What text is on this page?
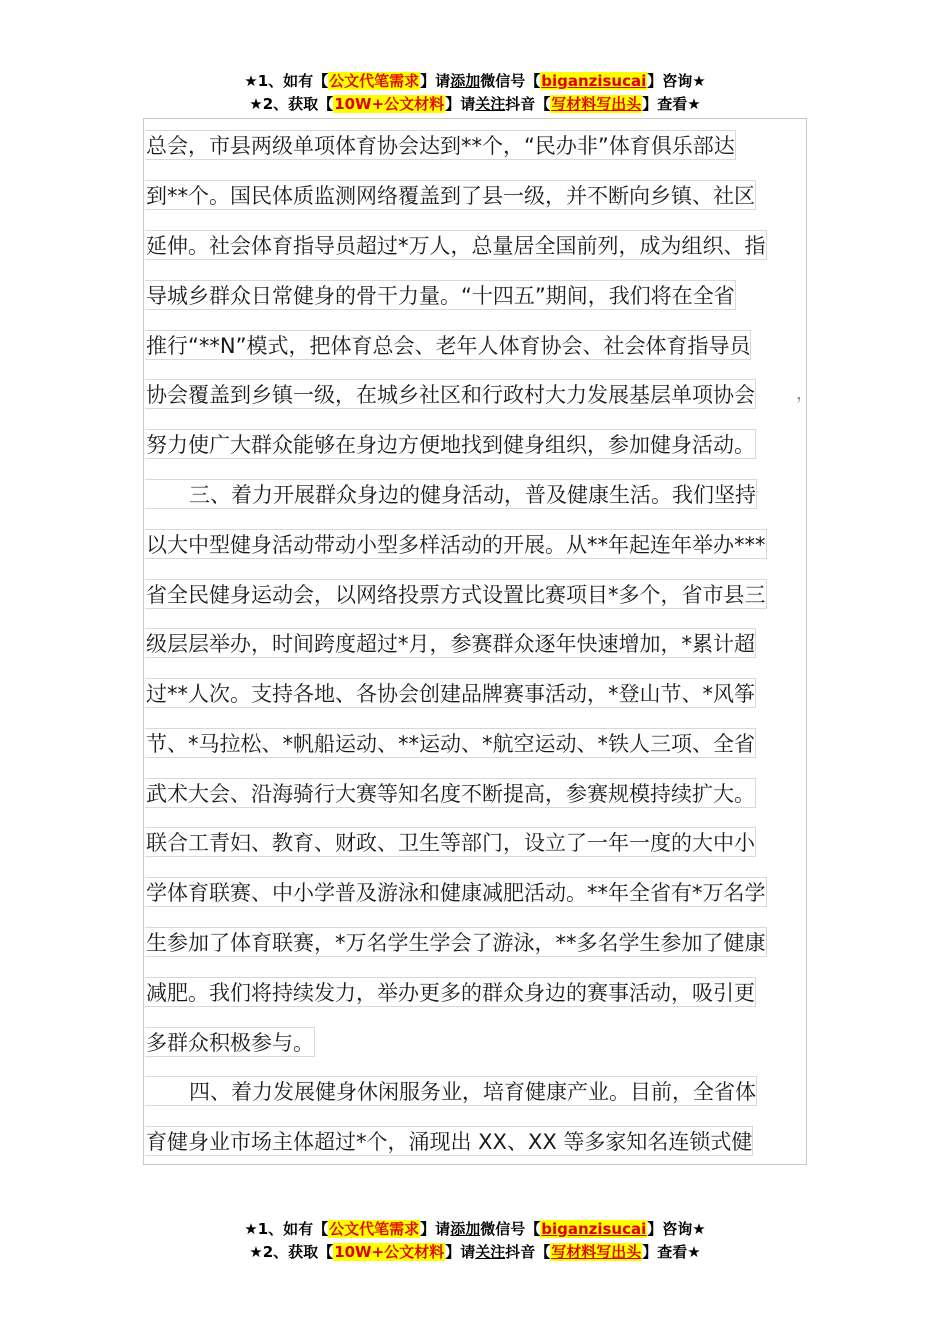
★1、如有【公文代笔需求】请添加微信号【biganzisucai】咨询★
★2、获取【10W+公文材料】请关注抖音【写材料写出头】查看★
总会，市县两级单项体育协会达到**个，“民办非”体育俱乐部达
到**个。国民体质监测网络覆盖到了县一级，并不断向乡镇、社区
延伸。社会体育指导员超过*万人，总量居全国前列，成为组织、指
导城乡群众日常健身的骨干力量。“十四五”期间，我们将在全省
推行“**N”模式，把体育总会、老年人体育协会、社会体育指导员
协会覆盖到乡镇一级，在城乡社区和行政村大力发展基层单项协会
努力使广大群众能够在身边方便地找到健身组织，参加健身活动。
三、着力开展群众身边的健身活动，普及健康生活。我们坚持
以大中型健身活动带动小型多样活动的开展。从**年起连年举办***
省全民健身运动会，以网络投票方式设置比赛项目*多个，省市县三
级层层举办，时间跨度超过*月，参赛群众逐年快速增加，*累计超
过**人次。支持各地、各协会创建品牌赛事活动，*登山节、*风筝
节、*马拉松、*帆船运动、**运动、*航空运动、*铁人三项、全省
武术大会、沿海骑行大赛等知名度不断提高，参赛规模持续扩大。
联合工青妇、教育、财政、卫生等部门，设立了一年一度的大中小
学体育联赛、中小学普及游泳和健康减肥活动。**年全省有*万名学
生参加了体育联赛，*万名学生学会了游泳，**多名学生参加了健康
减肥。我们将持续发力，举办更多的群众身边的赛事活动，吸引更
多群众积极参与。
四、着力发展健身休闲服务业，培育健康产业。目前，全省体
育健身业市场主体超过*个，涌现出 XX、XX 等多家知名连锁式健
，
★1、如有【公文代笔需求】请添加微信号【biganzisucai】咨询★
★2、获取【10W+公文材料】请关注抖音【写材料写出头】查看★
